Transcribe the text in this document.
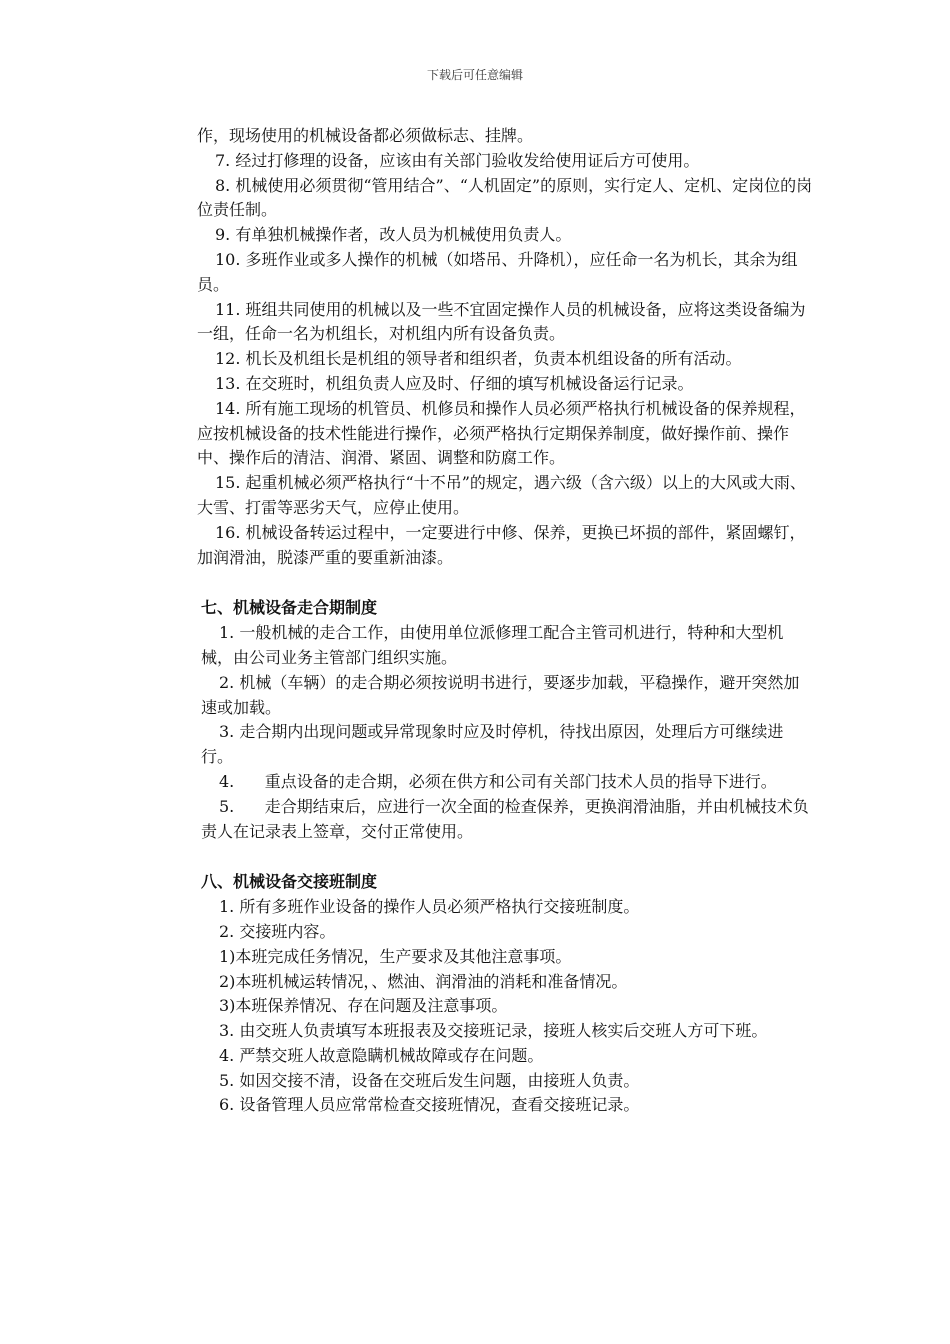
下载后可任意编辑

作，现场使用的机械设备都必须做标志、挂牌。

7. 经过打修理的设备，应该由有关部门验收发给使用证后方可使用。

8. 机械使用必须贯彻“管用结合”、“人机固定”的原则，实行定人、定机、定岗位的岗位责任制。

9. 有单独机械操作者，改人员为机械使用负责人。

10. 多班作业或多人操作的机械（如塔吊、升降机），应任命一名为机长，其余为组员。

11. 班组共同使用的机械以及一些不宜固定操作人员的机械设备，应将这类设备编为一组，任命一名为机组长，对机组内所有设备负责。

12. 机长及机组长是机组的领导者和组织者，负责本机组设备的所有活动。

13. 在交班时，机组负责人应及时、仔细的填写机械设备运行记录。

14. 所有施工现场的机管员、机修员和操作人员必须严格执行机械设备的保养规程，应按机械设备的技术性能进行操作，必须严格执行定期保养制度，做好操作前、操作中、操作后的清洁、润滑、紧固、调整和防腐工作。

15. 起重机械必须严格执行“十不吊”的规定，遇六级（含六级）以上的大风或大雨、大雪、打雷等恶劣天气，应停止使用。

16. 机械设备转运过程中，一定要进行中修、保养，更换已坏损的部件，紧固螺钉，加润滑油，脱漆严重的要重新油漆。

七、机械设备走合期制度

1. 一般机械的走合工作，由使用单位派修理工配合主管司机进行，特种和大型机械，由公司业务主管部门组织实施。

2. 机械（车辆）的走合期必须按说明书进行，要逐步加载，平稳操作，避开突然加速或加载。

3. 走合期内出现问题或异常现象时应及时停机，待找出原因，处理后方可继续进行。

4.      重点设备的走合期，必须在供方和公司有关部门技术人员的指导下进行。

5.      走合期结束后，应进行一次全面的检查保养，更换润滑油脂，并由机械技术负责人在记录表上签章，交付正常使用。

八、机械设备交接班制度

1. 所有多班作业设备的操作人员必须严格执行交接班制度。

2. 交接班内容。

1)本班完成任务情况，生产要求及其他注意事项。

2)本班机械运转情况，、燃油、润滑油的消耗和准备情况。

3)本班保养情况、存在问题及注意事项。

3. 由交班人负责填写本班报表及交接班记录，接班人核实后交班人方可下班。

4. 严禁交班人故意隐瞒机械故障或存在问题。

5. 如因交接不清，设备在交班后发生问题，由接班人负责。

6. 设备管理人员应常常检查交接班情况，查看交接班记录。
